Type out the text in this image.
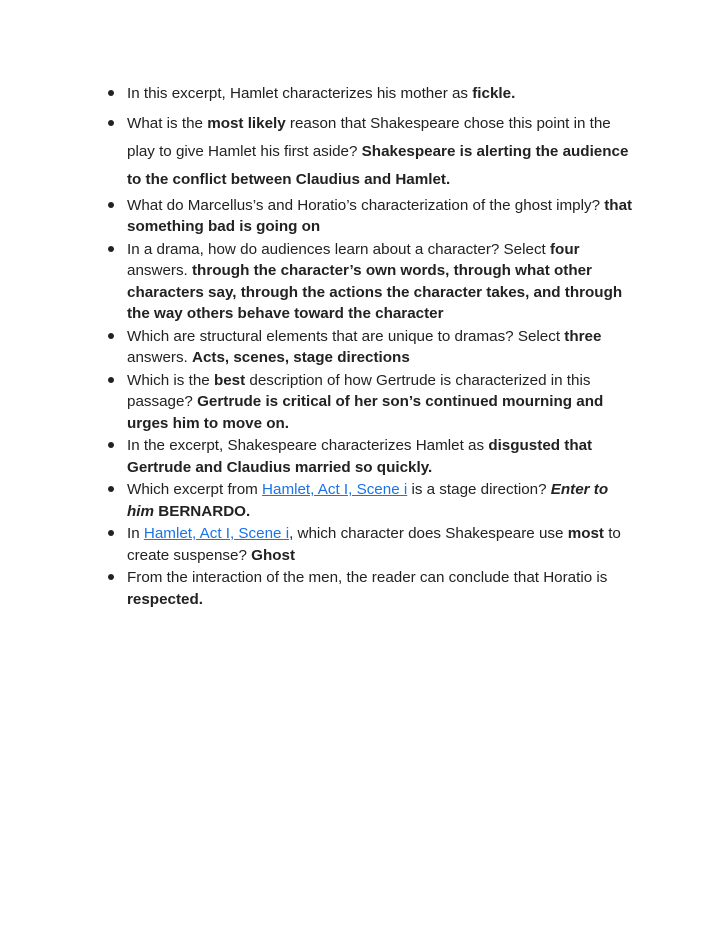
In this excerpt, Hamlet characterizes his mother as fickle.
What is the most likely reason that Shakespeare chose this point in the play to give Hamlet his first aside? Shakespeare is alerting the audience to the conflict between Claudius and Hamlet.
What do Marcellus’s and Horatio’s characterization of the ghost imply? that something bad is going on
In a drama, how do audiences learn about a character? Select four answers. through the character’s own words, through what other characters say, through the actions the character takes, and through the way others behave toward the character
Which are structural elements that are unique to dramas? Select three answers. Acts, scenes, stage directions
Which is the best description of how Gertrude is characterized in this passage? Gertrude is critical of her son’s continued mourning and urges him to move on.
In the excerpt, Shakespeare characterizes Hamlet as disgusted that Gertrude and Claudius married so quickly.
Which excerpt from Hamlet, Act I, Scene i is a stage direction? Enter to him BERNARDO.
In Hamlet, Act I, Scene i, which character does Shakespeare use most to create suspense? Ghost
From the interaction of the men, the reader can conclude that Horatio is respected.
